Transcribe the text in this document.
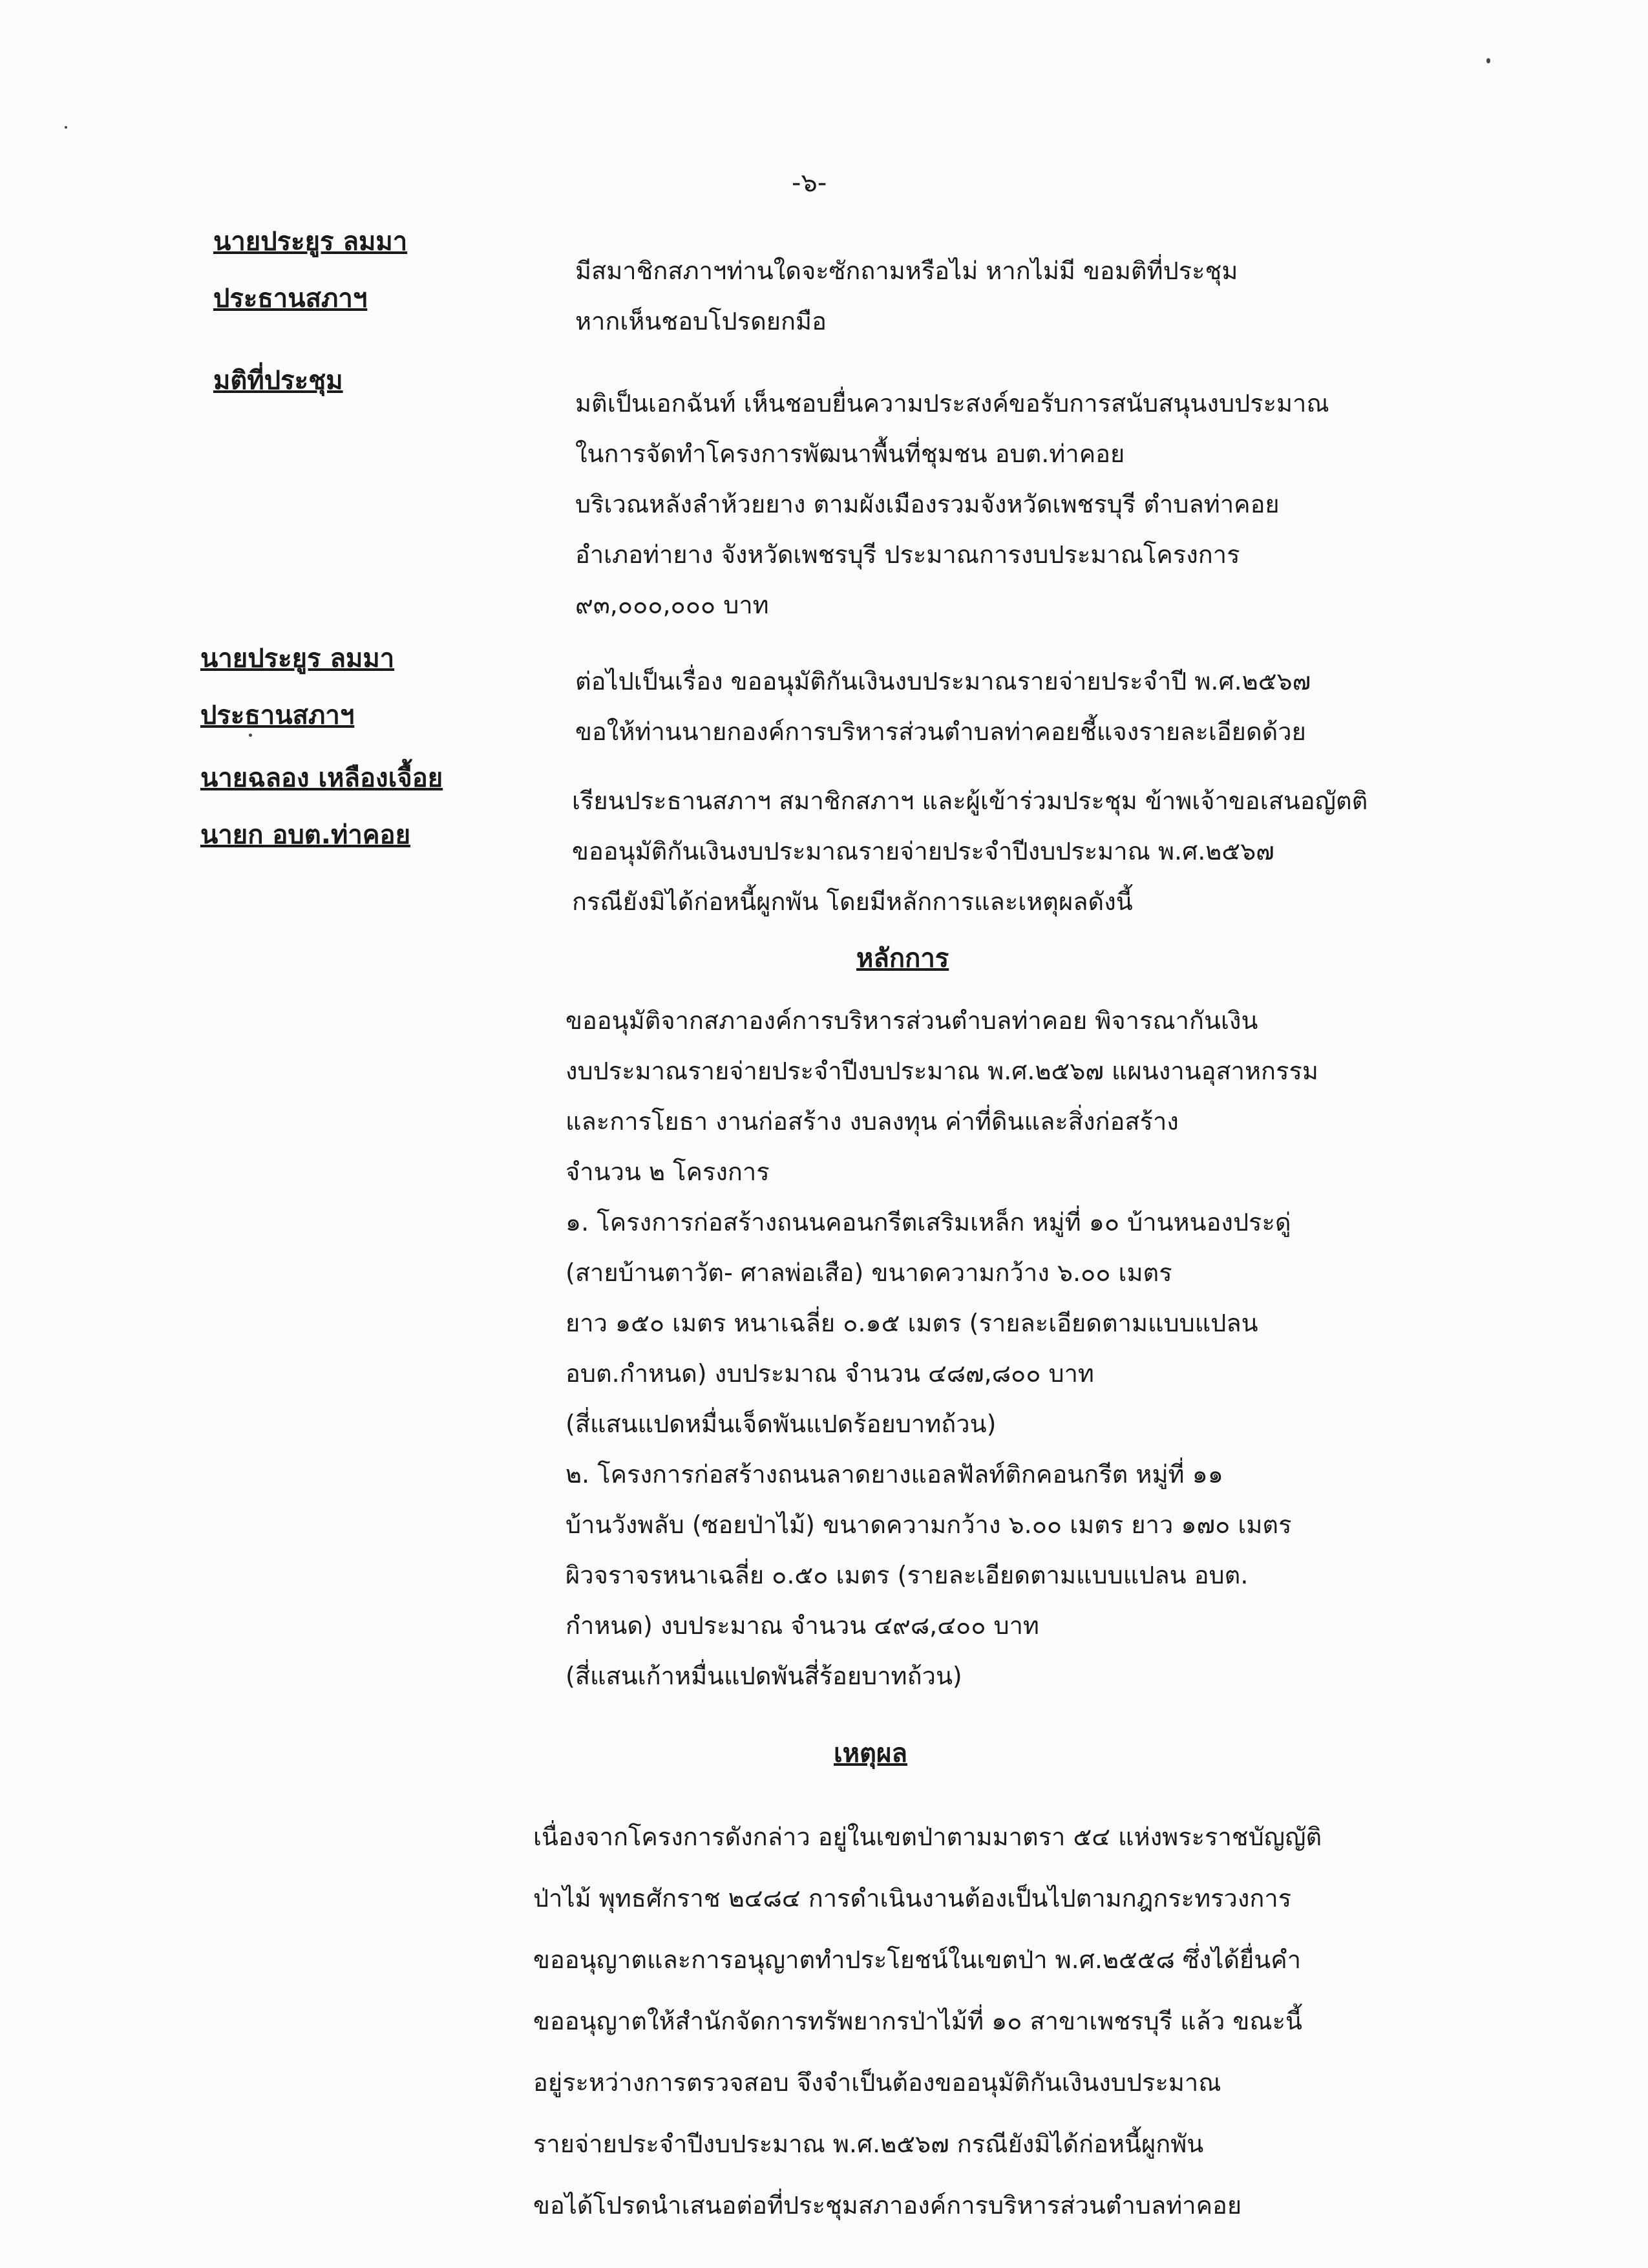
-๖-
นายประยูร ลมมา
ประธานสภาฯ
มีสมาชิกสภาฯท่านใดจะซักถามหรือไม่ หากไม่มี ขอมติที่ประชุม
หากเห็นชอบโปรดยกมือ
มติที่ประชุม
มติเป็นเอกฉันท์ เห็นชอบยื่นความประสงค์ขอรับการสนับสนุนงบประมาณ
ในการจัดทำโครงการพัฒนาพื้นที่ชุมชน อบต.ท่าคอย
บริเวณหลังลำห้วยยาง ตามผังเมืองรวมจังหวัดเพชรบุรี ตำบลท่าคอย
อำเภอท่ายาง จังหวัดเพชรบุรี ประมาณการงบประมาณโครงการ
๙๓,๐๐๐,๐๐๐ บาท
นายประยูร ลมมา
ประธานสภาฯ
ต่อไปเป็นเรื่อง ขออนุมัติกันเงินงบประมาณรายจ่ายประจำปี พ.ศ.๒๕๖๗
ขอให้ท่านนายกองค์การบริหารส่วนตำบลท่าคอยชี้แจงรายละเอียดด้วย
นายฉลอง เหลืองเจื้อย
นายก อบต.ท่าคอย
เรียนประธานสภาฯ สมาชิกสภาฯ และผู้เข้าร่วมประชุม ข้าพเจ้าขอเสนอญัตติ
ขออนุมัติกันเงินงบประมาณรายจ่ายประจำปีงบประมาณ พ.ศ.๒๕๖๗
กรณียังมิได้ก่อหนี้ผูกพัน โดยมีหลักการและเหตุผลดังนี้
หลักการ
ขออนุมัติจากสภาองค์การบริหารส่วนตำบลท่าคอย พิจารณากันเงิน
งบประมาณรายจ่ายประจำปีงบประมาณ พ.ศ.๒๕๖๗ แผนงานอุสาหกรรม
และการโยธา งานก่อสร้าง งบลงทุน ค่าที่ดินและสิ่งก่อสร้าง
จำนวน ๒ โครงการ
๑. โครงการก่อสร้างถนนคอนกรีตเสริมเหล็ก หมู่ที่ ๑๐ บ้านหนองประดู่
(สายบ้านตาวัต- ศาลพ่อเสือ) ขนาดความกว้าง ๖.๐๐ เมตร
ยาว ๑๕๐ เมตร หนาเฉลี่ย ๐.๑๕ เมตร (รายละเอียดตามแบบแปลน
อบต.กำหนด) งบประมาณ จำนวน ๔๘๗,๘๐๐ บาท
(สี่แสนแปดหมื่นเจ็ดพันแปดร้อยบาทถ้วน)
๒. โครงการก่อสร้างถนนลาดยางแอลฟัลท์ติกคอนกรีต หมู่ที่ ๑๑
บ้านวังพลับ (ซอยป่าไม้) ขนาดความกว้าง ๖.๐๐ เมตร ยาว ๑๗๐ เมตร
ผิวจราจรหนาเฉลี่ย ๐.๕๐ เมตร (รายละเอียดตามแบบแปลน อบต.
กำหนด) งบประมาณ จำนวน ๔๙๘,๔๐๐ บาท
(สี่แสนเก้าหมื่นแปดพันสี่ร้อยบาทถ้วน)
เหตุผล
เนื่องจากโครงการดังกล่าว อยู่ในเขตป่าตามมาตรา ๕๔ แห่งพระราชบัญญัติ
ป่าไม้ พุทธศักราช ๒๔๘๔ การดำเนินงานต้องเป็นไปตามกฎกระทรวงการ
ขออนุญาตและการอนุญาตทำประโยชน์ในเขตป่า พ.ศ.๒๕๕๘ ซึ่งได้ยื่นคำ
ขออนุญาตให้สำนักจัดการทรัพยากรป่าไม้ที่ ๑๐ สาขาเพชรบุรี แล้ว ขณะนี้
อยู่ระหว่างการตรวจสอบ จึงจำเป็นต้องขออนุมัติกันเงินงบประมาณ
รายจ่ายประจำปีงบประมาณ พ.ศ.๒๕๖๗ กรณียังมิได้ก่อหนี้ผูกพัน
ขอได้โปรดนำเสนอต่อที่ประชุมสภาองค์การบริหารส่วนตำบลท่าคอย
